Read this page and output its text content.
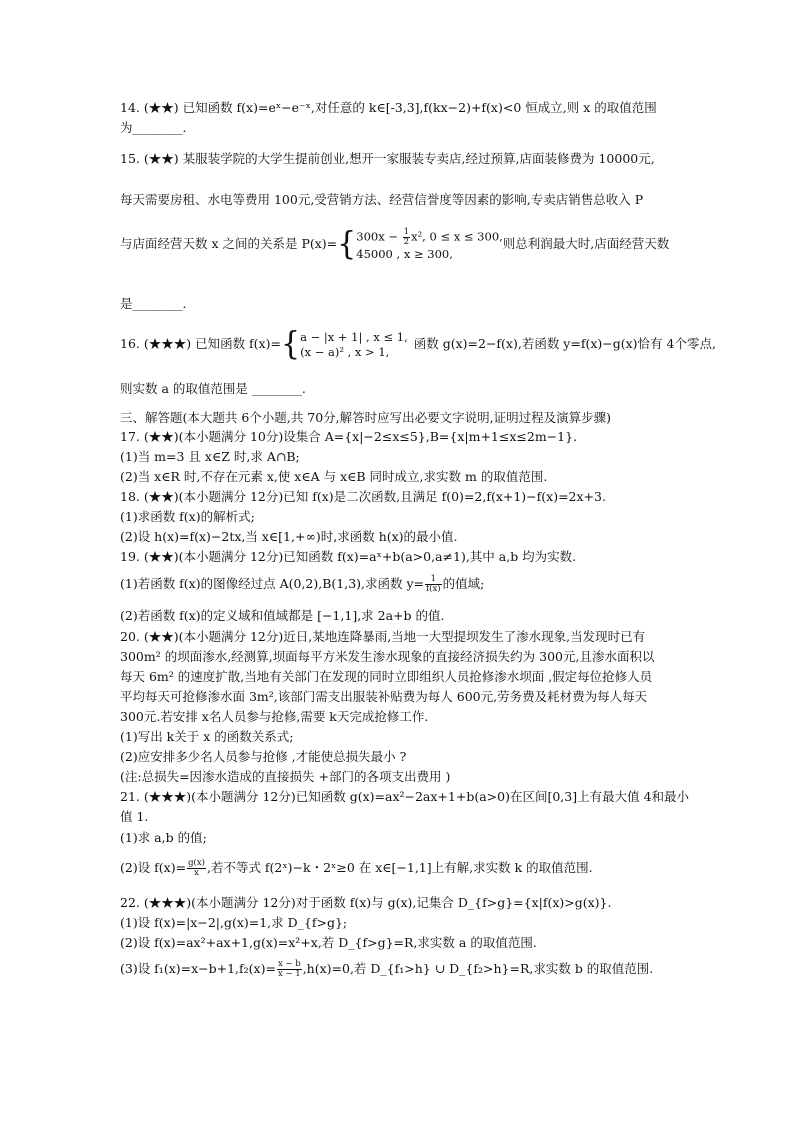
14. (★★) 已知函数 f(x)=eˣ−e⁻ˣ,对任意的 k∈[-3,3],f(kx−2)+f(x)<0 恒成立,则 x 的取值范围
为________.
15. (★★) 某服装学院的大学生提前创业,想开一家服装专卖店,经过预算,店面装修费为 10000元,
每天需要房租、水电等费用 100元,受营销方法、经营信誉度等因素的影响,专卖店销售总收入 P
与店面经营天数 x 之间的关系是 P(x)={ $300x - \frac{1}{2} x^2$, 0 ≤ x ≤ 300,
45000 , x ≥ 300,
则总利润最大时,店面经营天数
是________.
16. (★★★) 已知函数 f(x)={ a − |x + 1| , x ≤ 1,
(x − a)² , x > 1,
函数 g(x)=2−f(x),若函数 y=f(x)−g(x)恰有 4个零点,
则实数 a 的取值范围是 ________.
三、解答题(本大题共 6个小题,共 70分,解答时应写出必要文字说明,证明过程及演算步骤)
17. (★★)(本小题满分 10分)设集合 A={x|−2≤x≤5},B={x|m+1≤x≤2m−1}.
(1)当 m=3 且 x∈Z 时,求 A∩B;
(2)当 x∈R 时,不存在元素 x,使 x∈A 与 x∈B 同时成立,求实数 m 的取值范围.
18. (★★)(本小题满分 12分)已知 f(x)是二次函数,且满足 f(0)=2,f(x+1)−f(x)=2x+3.
(1)求函数 f(x)的解析式;
(2)设 h(x)=f(x)−2tx,当 x∈[1,+∞)时,求函数 h(x)的最小值.
19. (★★)(本小题满分 12分)已知函数 f(x)=aˣ+b(a>0,a≠1),其中 a,b 均为实数.
(1)若函数 f(x)的图像经过点 A(0,2),B(1,3),求函数 $y= \frac{1}{f(x)}$ 的值域;
(2)若函数 f(x)的定义域和值域都是 [−1,1],求 2a+b 的值.
20. (★★)(本小题满分 12分)近日,某地连降暴雨,当地一大型提坝发生了渗水现象,当发现时已有
300m² 的坝面渗水,经测算,坝面每平方米发生渗水现象的直接经济损失约为 300元,且渗水面积以
每天 6m² 的速度扩散,当地有关部门在发现的同时立即组织人员抢修渗水坝面 ,假定每位抢修人员
平均每天可抢修渗水面 3m²,该部门需支出服装补贴费为每人 600元,劳务费及耗材费为每人每天
300元.若安排 x名人员参与抢修,需要 k天完成抢修工作.
(1)写出 k关于 x 的函数关系式;
(2)应安排多少名人员参与抢修 ,才能使总损失最小 ?
(注:总损失=因渗水造成的直接损失 +部门的各项支出费用 )
21. (★★★)(本小题满分 12分)已知函数 g(x)=ax²−2ax+1+b(a>0)在区间[0,3]上有最大值 4和最小
值 1.
(1)求 a,b 的值;
(2)设 $f(x)= \frac{g(x)}{x}$ ,若不等式 f(2ˣ)−k・2ˣ≥0 在 x∈[−1,1]上有解,求实数 k 的取值范围.
22. (★★★)(本小题满分 12分)对于函数 f(x)与 g(x),记集合 D_{f>g}={x|f(x)>g(x)}.
(1)设 f(x)=|x−2|,g(x)=1,求 D_{f>g};
(2)设 f(x)=ax²+ax+1,g(x)=x²+x,若 D_{f>g}=R,求实数 a 的取值范围.
(3)设 $f_1(x)=x-b+1,f_2(x)= \frac{x - b}{x - 1} ,h(x)=0$,若 D_{f₁>h} ∪ D_{f₂>h}=R,求实数 b 的取值范围.
